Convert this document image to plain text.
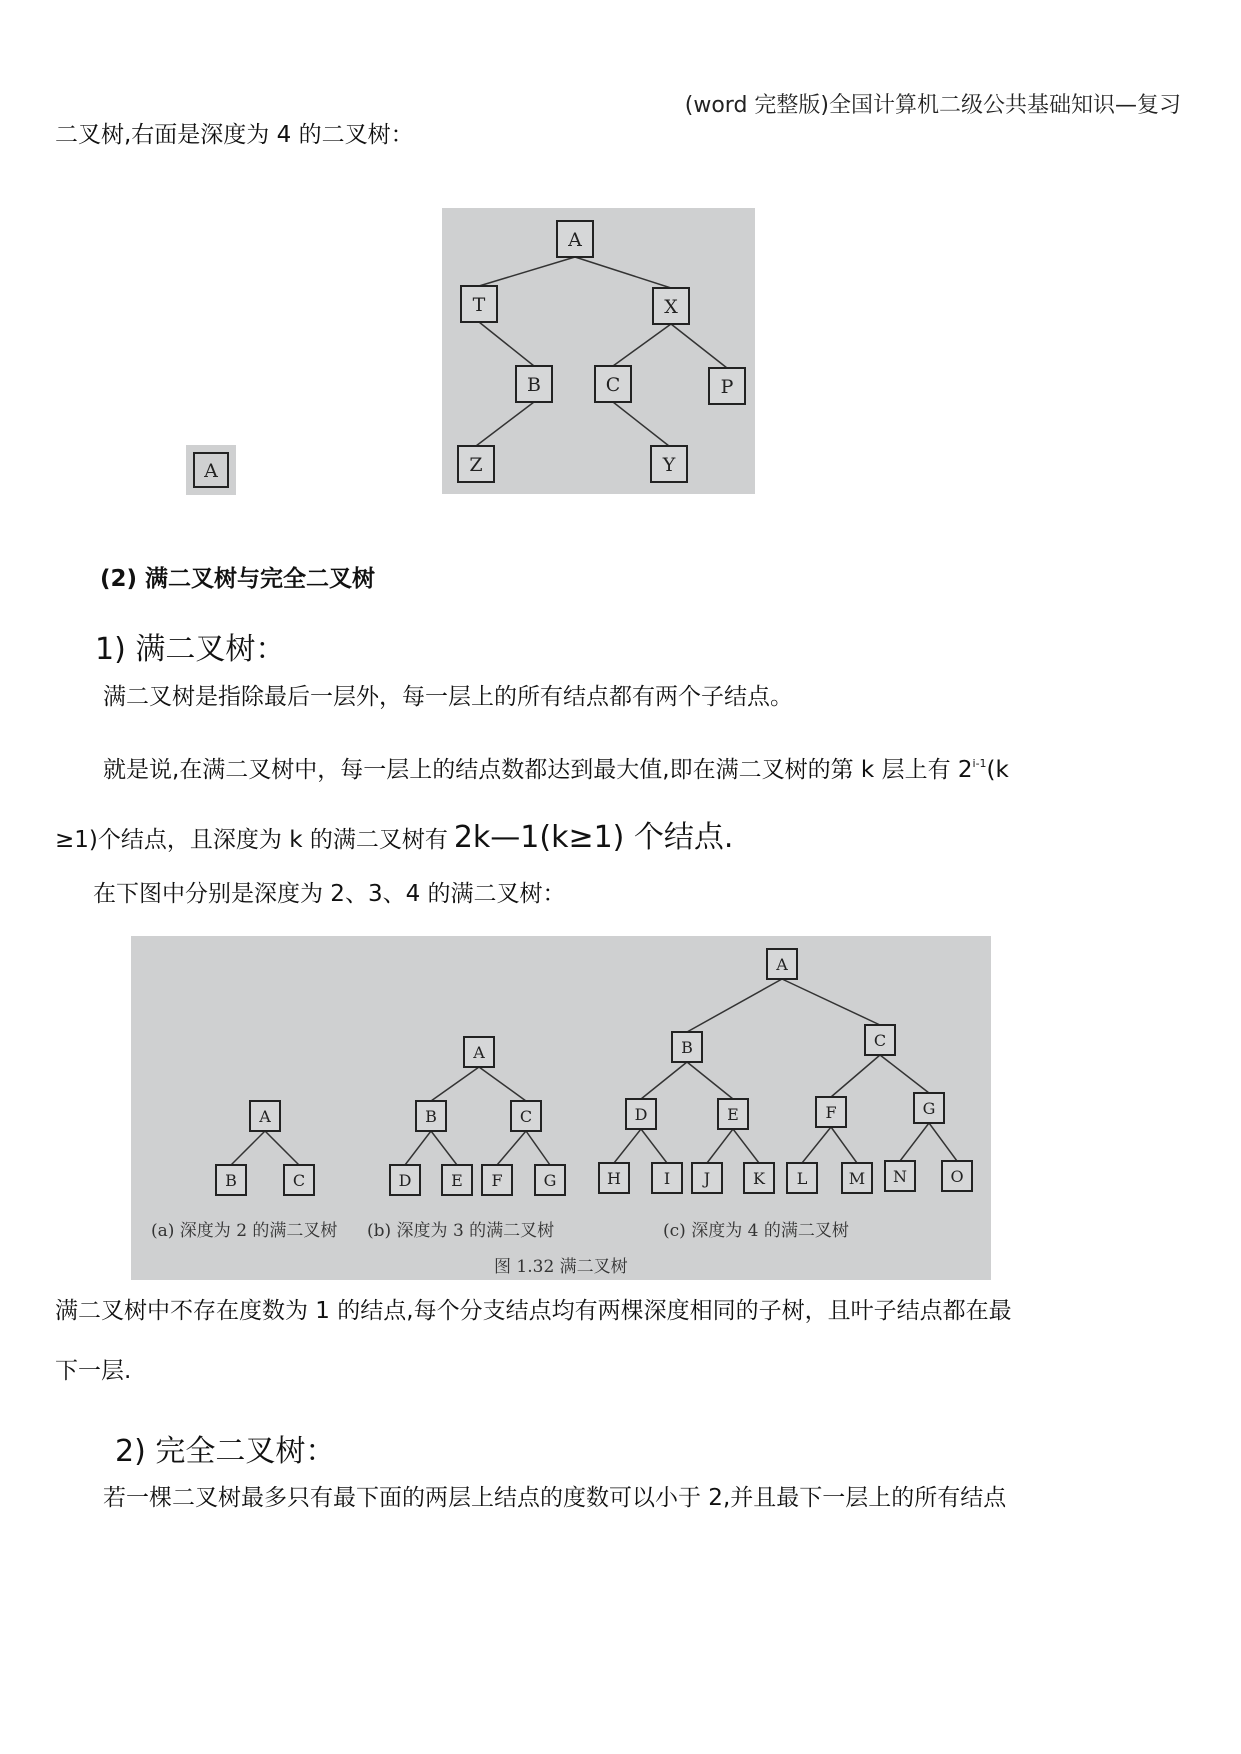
(word 完整版)全国计算机二级公共基础知识—复习
二叉树,右面是深度为 4 的二叉树：
A
A
T	X
B	C	P
Z	Y
(2) 满二叉树与完全二叉树
1) 满二叉树：
满二叉树是指除最后一层外，每一层上的所有结点都有两个子结点。
就是说,在满二叉树中，每一层上的结点数都达到最大值,即在满二叉树的第 k 层上有 $2^{i-1}(k$
≥1)个结点，且深度为 k 的满二叉树有 2k—1(k≥1) 个结点.
在下图中分别是深度为 2、3、4 的满二叉树：
(a) 深度为 2 的满二叉树 (b) 深度为 3 的满二叉树	(c) 深度为 4 的满二叉树
图 1.32 满二叉树
A
B	C
A
B	C
D E F	G
A
B	C
D	E	F	G
H	I J	K L	M N	O
满二叉树中不存在度数为 1 的结点,每个分支结点均有两棵深度相同的子树，且叶子结点都在最
下一层.
2) 完全二叉树：
若一棵二叉树最多只有最下面的两层上结点的度数可以小于 2,并且最下一层上的所有结点
